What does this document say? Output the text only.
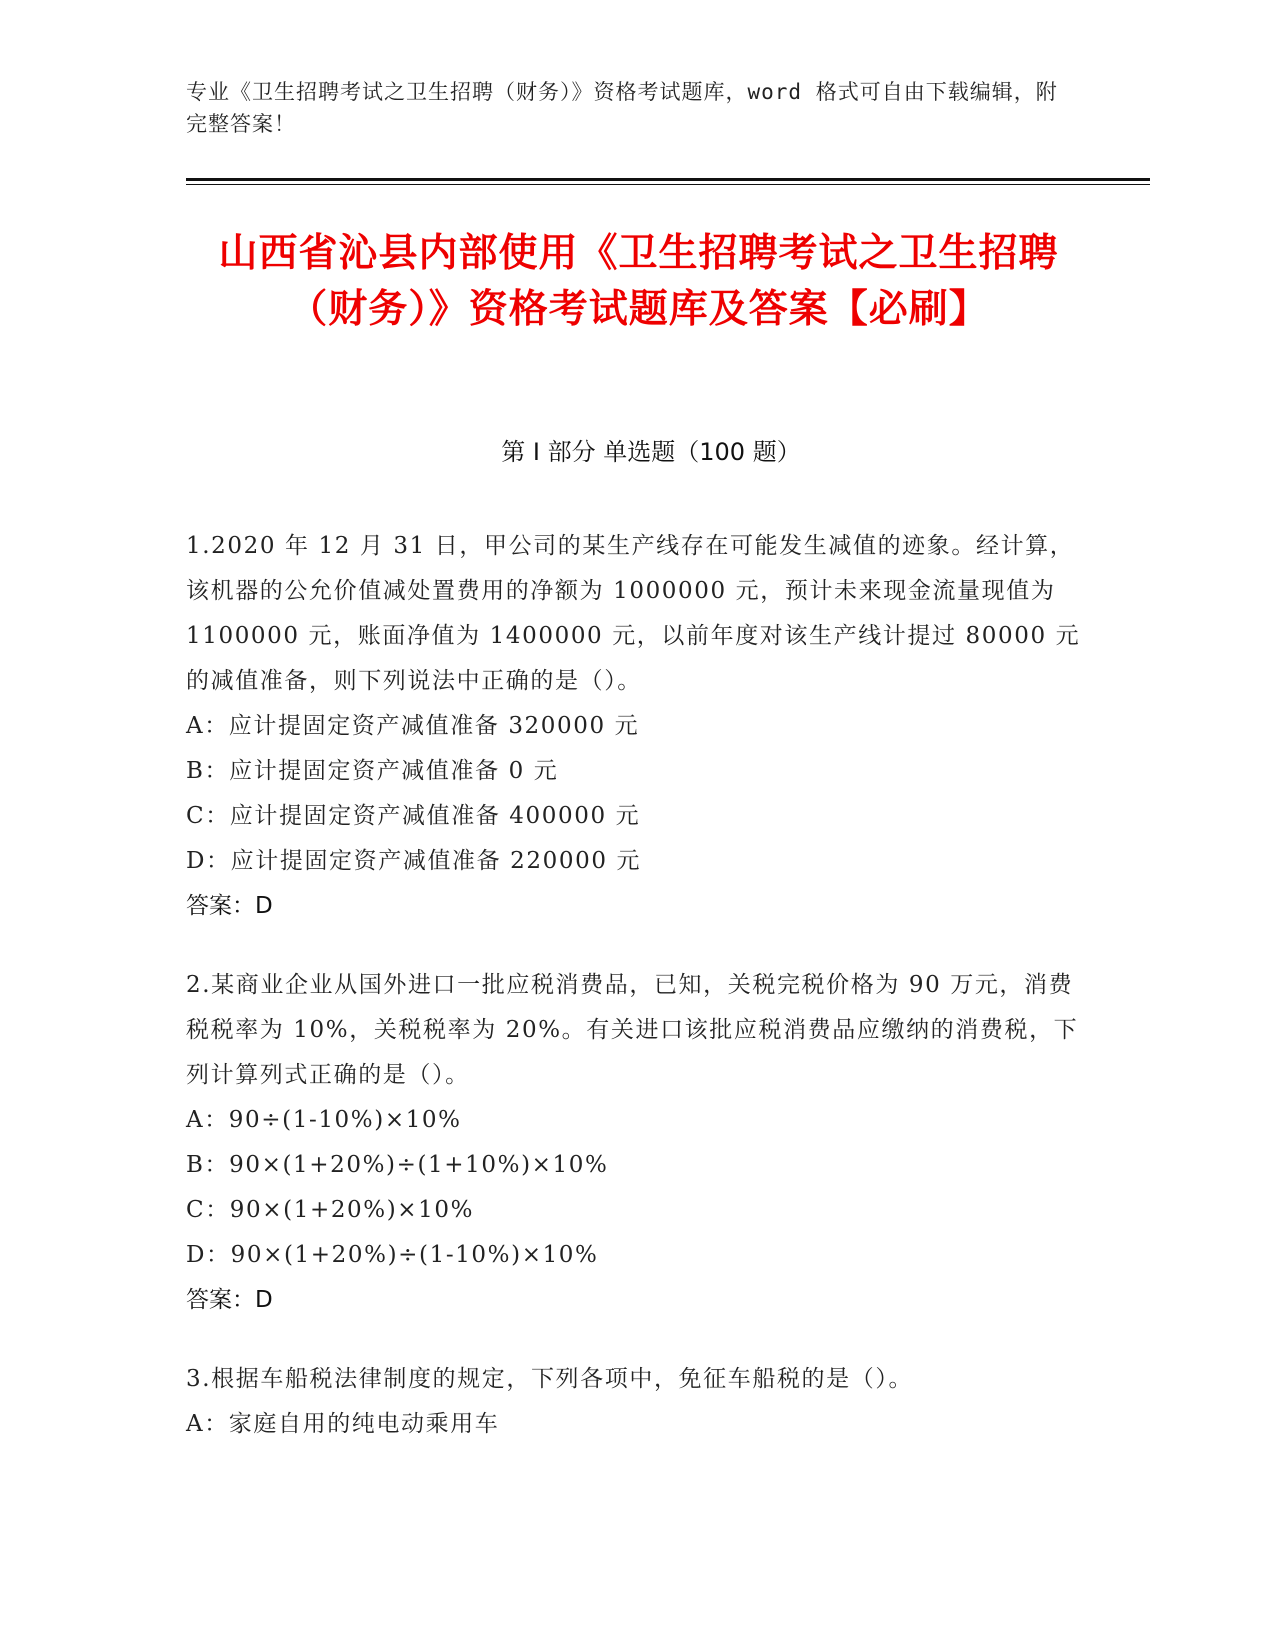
专业《卫生招聘考试之卫生招聘（财务）》资格考试题库，word 格式可自由下载编辑，附完整答案！
山西省沁县内部使用《卫生招聘考试之卫生招聘（财务）》资格考试题库及答案【必刷】
第 I 部分 单选题（100 题）

1.2020 年 12 月 31 日，甲公司的某生产线存在可能发生减值的迹象。经计算，该机器的公允价值减处置费用的净额为 1000000 元，预计未来现金流量现值为 1100000 元，账面净值为 1400000 元，以前年度对该生产线计提过 80000 元的减值准备，则下列说法中正确的是（）。

A：应计提固定资产减值准备 320000 元

B：应计提固定资产减值准备 0 元

C：应计提固定资产减值准备 400000 元

D：应计提固定资产减值准备 220000 元

答案：D

2.某商业企业从国外进口一批应税消费品，已知，关税完税价格为 90 万元，消费税税率为 10%，关税税率为 20%。有关进口该批应税消费品应缴纳的消费税，下列计算列式正确的是（）。

A：90÷(1-10%)×10%

B：90×(1+20%)÷(1+10%)×10%

C：90×(1+20%)×10%

D：90×(1+20%)÷(1-10%)×10%

答案：D

3.根据车船税法律制度的规定，下列各项中，免征车船税的是（）。

A：家庭自用的纯电动乘用车
